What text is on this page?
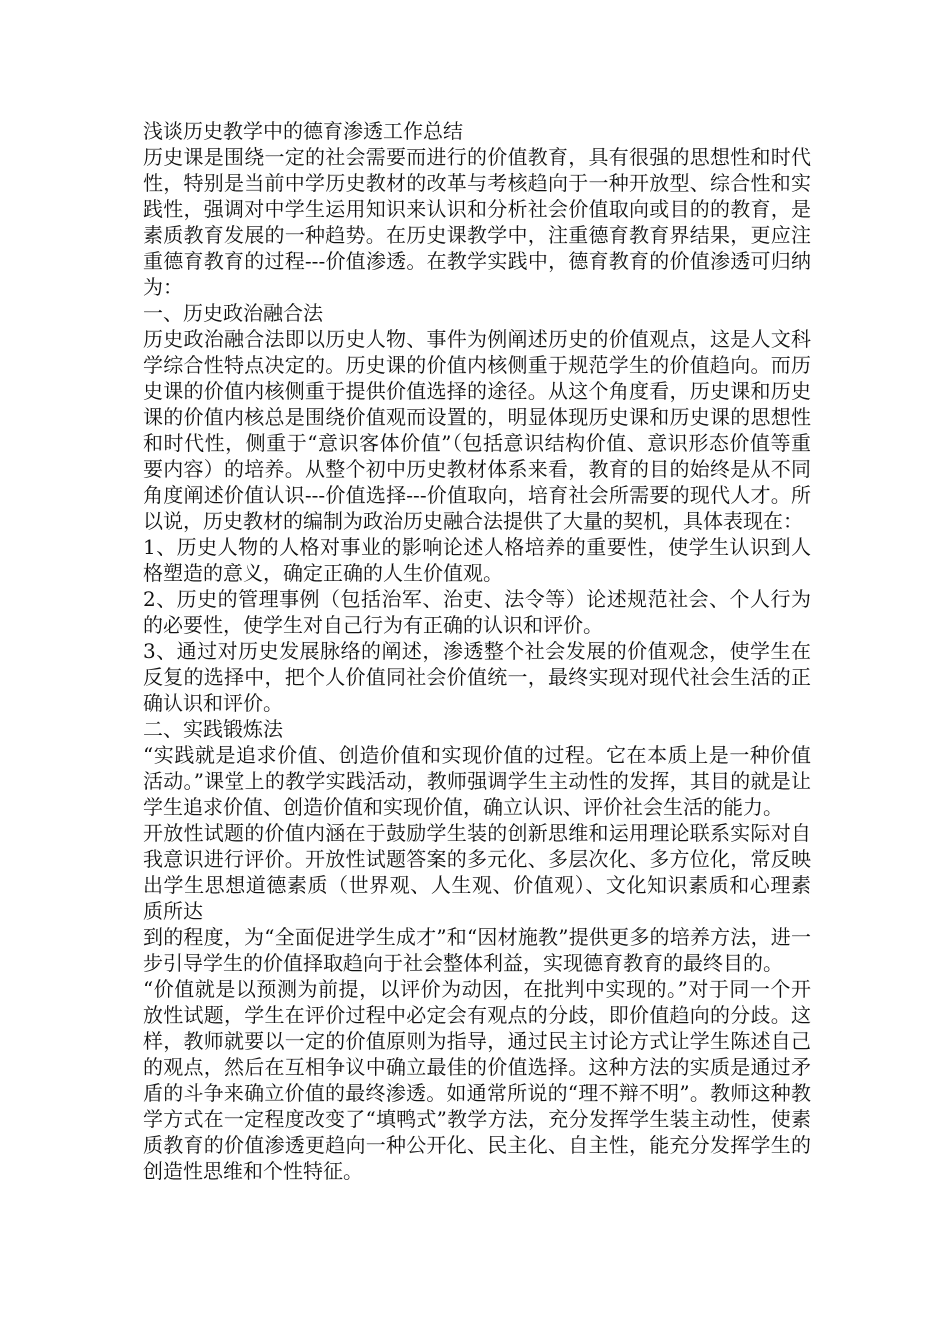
浅谈历史教学中的德育渗透工作总结

历史课是围绕一定的社会需要而进行的价值教育，具有很强的思想性和时代性，特别是当前中学历史教材的改革与考核趋向于一种开放型、综合性和实践性，强调对中学生运用知识来认识和分析社会价值取向或目的的教育，是素质教育发展的一种趋势。在历史课教学中，注重德育教育界结果，更应注重德育教育的过程---价值渗透。在教学实践中，德育教育的价值渗透可归纳为：

一、历史政治融合法

历史政治融合法即以历史人物、事件为例阐述历史的价值观点，这是人文科学综合性特点决定的。历史课的价值内核侧重于规范学生的价值趋向。而历史课的价值内核侧重于提供价值选择的途径。从这个角度看，历史课和历史课的价值内核总是围绕价值观而设置的，明显体现历史课和历史课的思想性和时代性，侧重于“意识客体价值”（包括意识结构价值、意识形态价值等重要内容）的培养。从整个初中历史教材体系来看，教育的目的始终是从不同角度阐述价值认识---价值选择---价值取向，培育社会所需要的现代人才。所以说，历史教材的编制为政治历史融合法提供了大量的契机，具体表现在：

1、历史人物的人格对事业的影响论述人格培养的重要性，使学生认识到人格塑造的意义，确定正确的人生价值观。

2、历史的管理事例（包括治军、治吏、法令等）论述规范社会、个人行为的必要性，使学生对自己行为有正确的认识和评价。

3、通过对历史发展脉络的阐述，渗透整个社会发展的价值观念，使学生在反复的选择中，把个人价值同社会价值统一，最终实现对现代社会生活的正确认识和评价。

二、实践锻炼法

“实践就是追求价值、创造价值和实现价值的过程。它在本质上是一种价值活动。”课堂上的教学实践活动，教师强调学生主动性的发挥，其目的就是让学生追求价值、创造价值和实现价值，确立认识、评价社会生活的能力。

开放性试题的价值内涵在于鼓励学生装的创新思维和运用理论联系实际对自我意识进行评价。开放性试题答案的多元化、多层次化、多方位化，常反映出学生思想道德素质（世界观、人生观、价值观）、文化知识素质和心理素质所达

到的程度，为“全面促进学生成才”和“因材施教”提供更多的培养方法，进一步引导学生的价值择取趋向于社会整体利益，实现德育教育的最终目的。

“价值就是以预测为前提，以评价为动因，在批判中实现的。”对于同一个开放性试题，学生在评价过程中必定会有观点的分歧，即价值趋向的分歧。这样，教师就要以一定的价值原则为指导，通过民主讨论方式让学生陈述自己的观点，然后在互相争议中确立最佳的价值选择。这种方法的实质是通过矛盾的斗争来确立价值的最终渗透。如通常所说的“理不辩不明”。教师这种教学方式在一定程度改变了“填鸭式”教学方法，充分发挥学生装主动性，使素质教育的价值渗透更趋向一种公开化、民主化、自主性，能充分发挥学生的创造性思维和个性特征。
